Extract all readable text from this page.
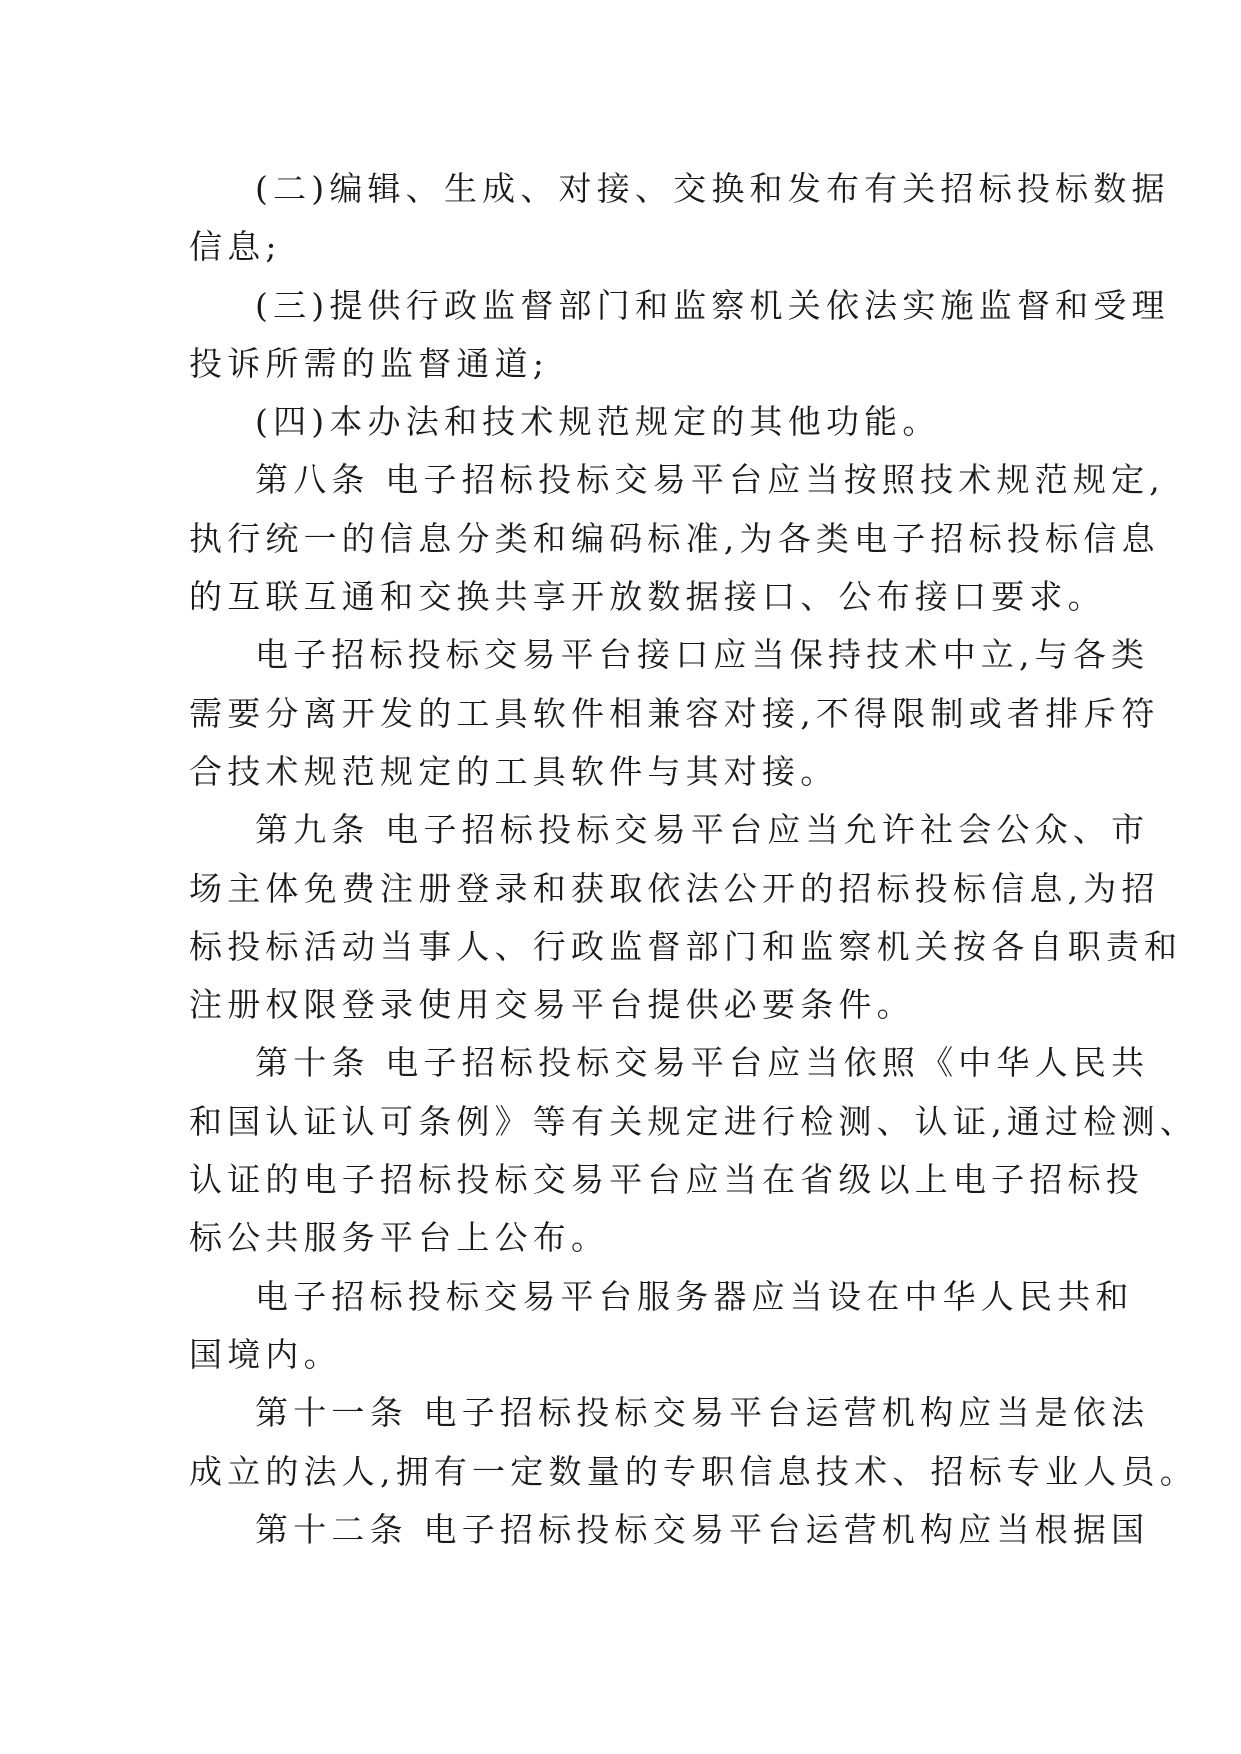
(二)编辑、生成、对接、交换和发布有关招标投标数据
信息;
(三)提供行政监督部门和监察机关依法实施监督和受理
投诉所需的监督通道;
(四)本办法和技术规范规定的其他功能。
第八条 电子招标投标交易平台应当按照技术规范规定,
执行统一的信息分类和编码标准,为各类电子招标投标信息
的互联互通和交换共享开放数据接口、公布接口要求。
电子招标投标交易平台接口应当保持技术中立,与各类
需要分离开发的工具软件相兼容对接,不得限制或者排斥符
合技术规范规定的工具软件与其对接。
第九条 电子招标投标交易平台应当允许社会公众、市
场主体免费注册登录和获取依法公开的招标投标信息,为招
标投标活动当事人、行政监督部门和监察机关按各自职责和
注册权限登录使用交易平台提供必要条件。
第十条 电子招标投标交易平台应当依照《中华人民共
和国认证认可条例》等有关规定进行检测、认证,通过检测、
认证的电子招标投标交易平台应当在省级以上电子招标投
标公共服务平台上公布。
电子招标投标交易平台服务器应当设在中华人民共和
国境内。
第十一条 电子招标投标交易平台运营机构应当是依法
成立的法人,拥有一定数量的专职信息技术、招标专业人员。
第十二条 电子招标投标交易平台运营机构应当根据国
